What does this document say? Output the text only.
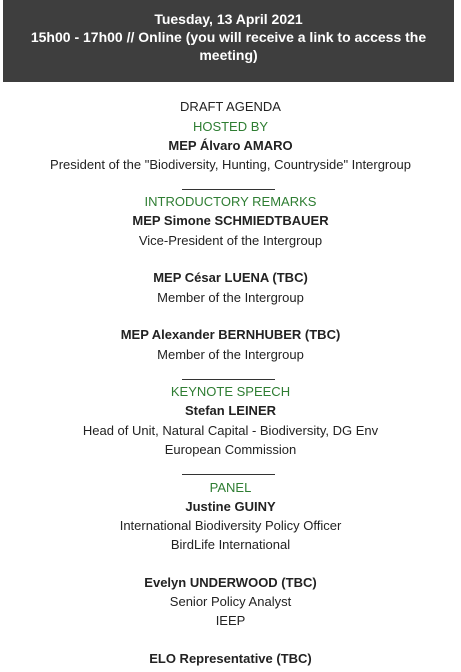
Tuesday, 13 April 2021
15h00 - 17h00 // Online (you will receive a link to access the
meeting)
DRAFT AGENDA
HOSTED BY
MEP Álvaro AMARO
President of the "Biodiversity, Hunting, Countryside" Intergroup
INTRODUCTORY REMARKS
MEP Simone SCHMIEDTBAUER
Vice-President of the Intergroup
MEP César LUENA (TBC)
Member of the Intergroup
MEP Alexander BERNHUBER (TBC)
Member of the Intergroup
KEYNOTE SPEECH
Stefan LEINER
Head of Unit, Natural Capital - Biodiversity, DG Env
European Commission
PANEL
Justine GUINY
International Biodiversity Policy Officer
BirdLife International
Evelyn UNDERWOOD (TBC)
Senior Policy Analyst
IEEP
ELO Representative (TBC)
